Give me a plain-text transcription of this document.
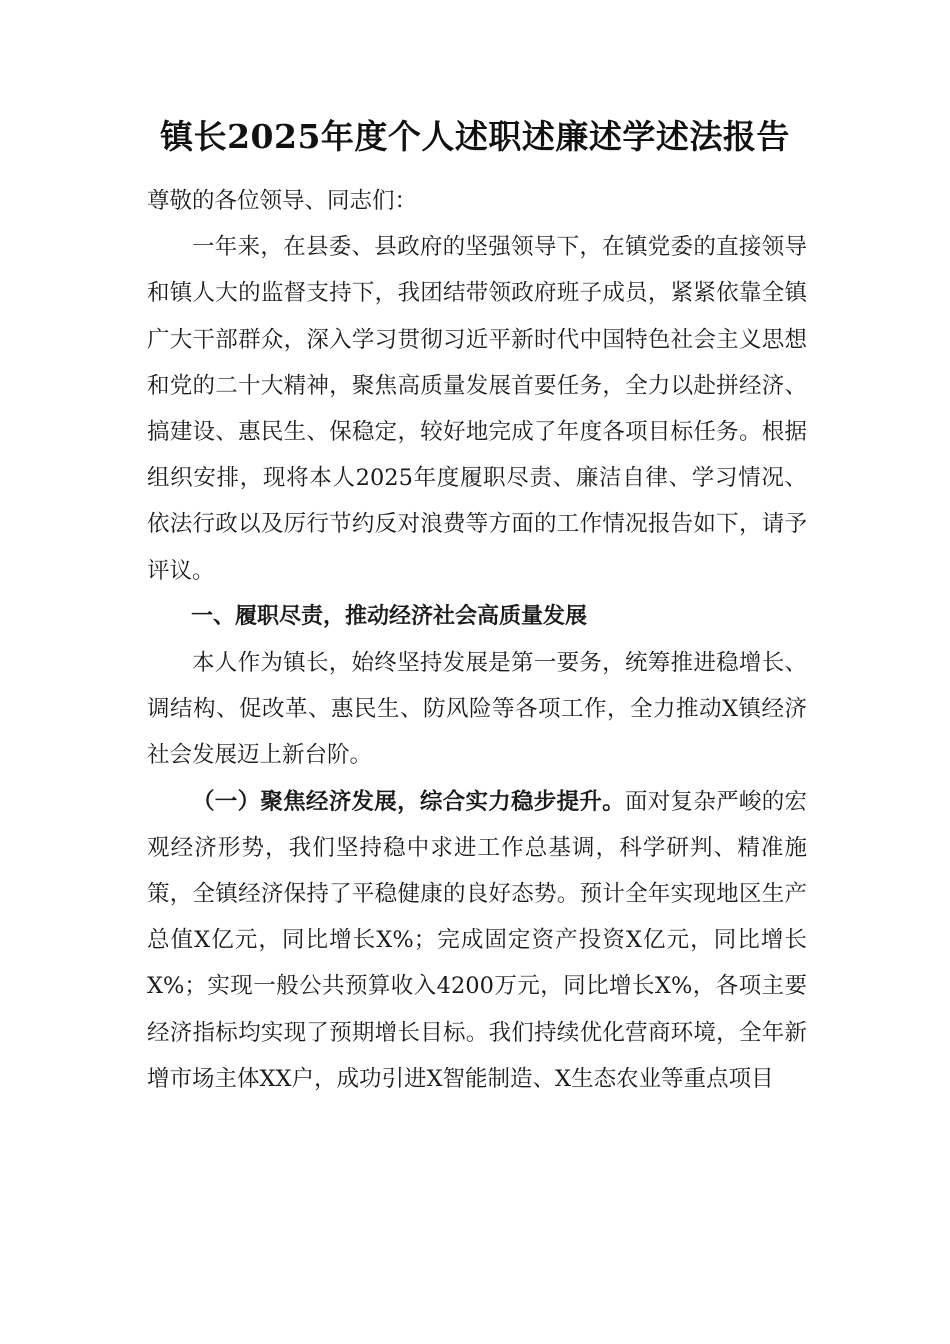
镇长2025年度个人述职述廉述学述法报告

尊敬的各位领导、同志们：

一年来，在县委、县政府的坚强领导下，在镇党委的直接领导和镇人大的监督支持下，我团结带领政府班子成员，紧紧依靠全镇广大干部群众，深入学习贯彻习近平新时代中国特色社会主义思想和党的二十大精神，聚焦高质量发展首要任务，全力以赴拼经济、搞建设、惠民生、保稳定，较好地完成了年度各项目标任务。根据组织安排，现将本人2025年度履职尽责、廉洁自律、学习情况、依法行政以及厉行节约反对浪费等方面的工作情况报告如下，请予评议。

一、履职尽责，推动经济社会高质量发展

本人作为镇长，始终坚持发展是第一要务，统筹推进稳增长、调结构、促改革、惠民生、防风险等各项工作，全力推动X镇经济社会发展迈上新台阶。

（一）聚焦经济发展，综合实力稳步提升。面对复杂严峻的宏观经济形势，我们坚持稳中求进工作总基调，科学研判、精准施策，全镇经济保持了平稳健康的良好态势。预计全年实现地区生产总值X亿元，同比增长X%；完成固定资产投资X亿元，同比增长X%；实现一般公共预算收入4200万元，同比增长X%，各项主要经济指标均实现了预期增长目标。我们持续优化营商环境，全年新增市场主体XX户，成功引进X智能制造、X生态农业等重点项目
